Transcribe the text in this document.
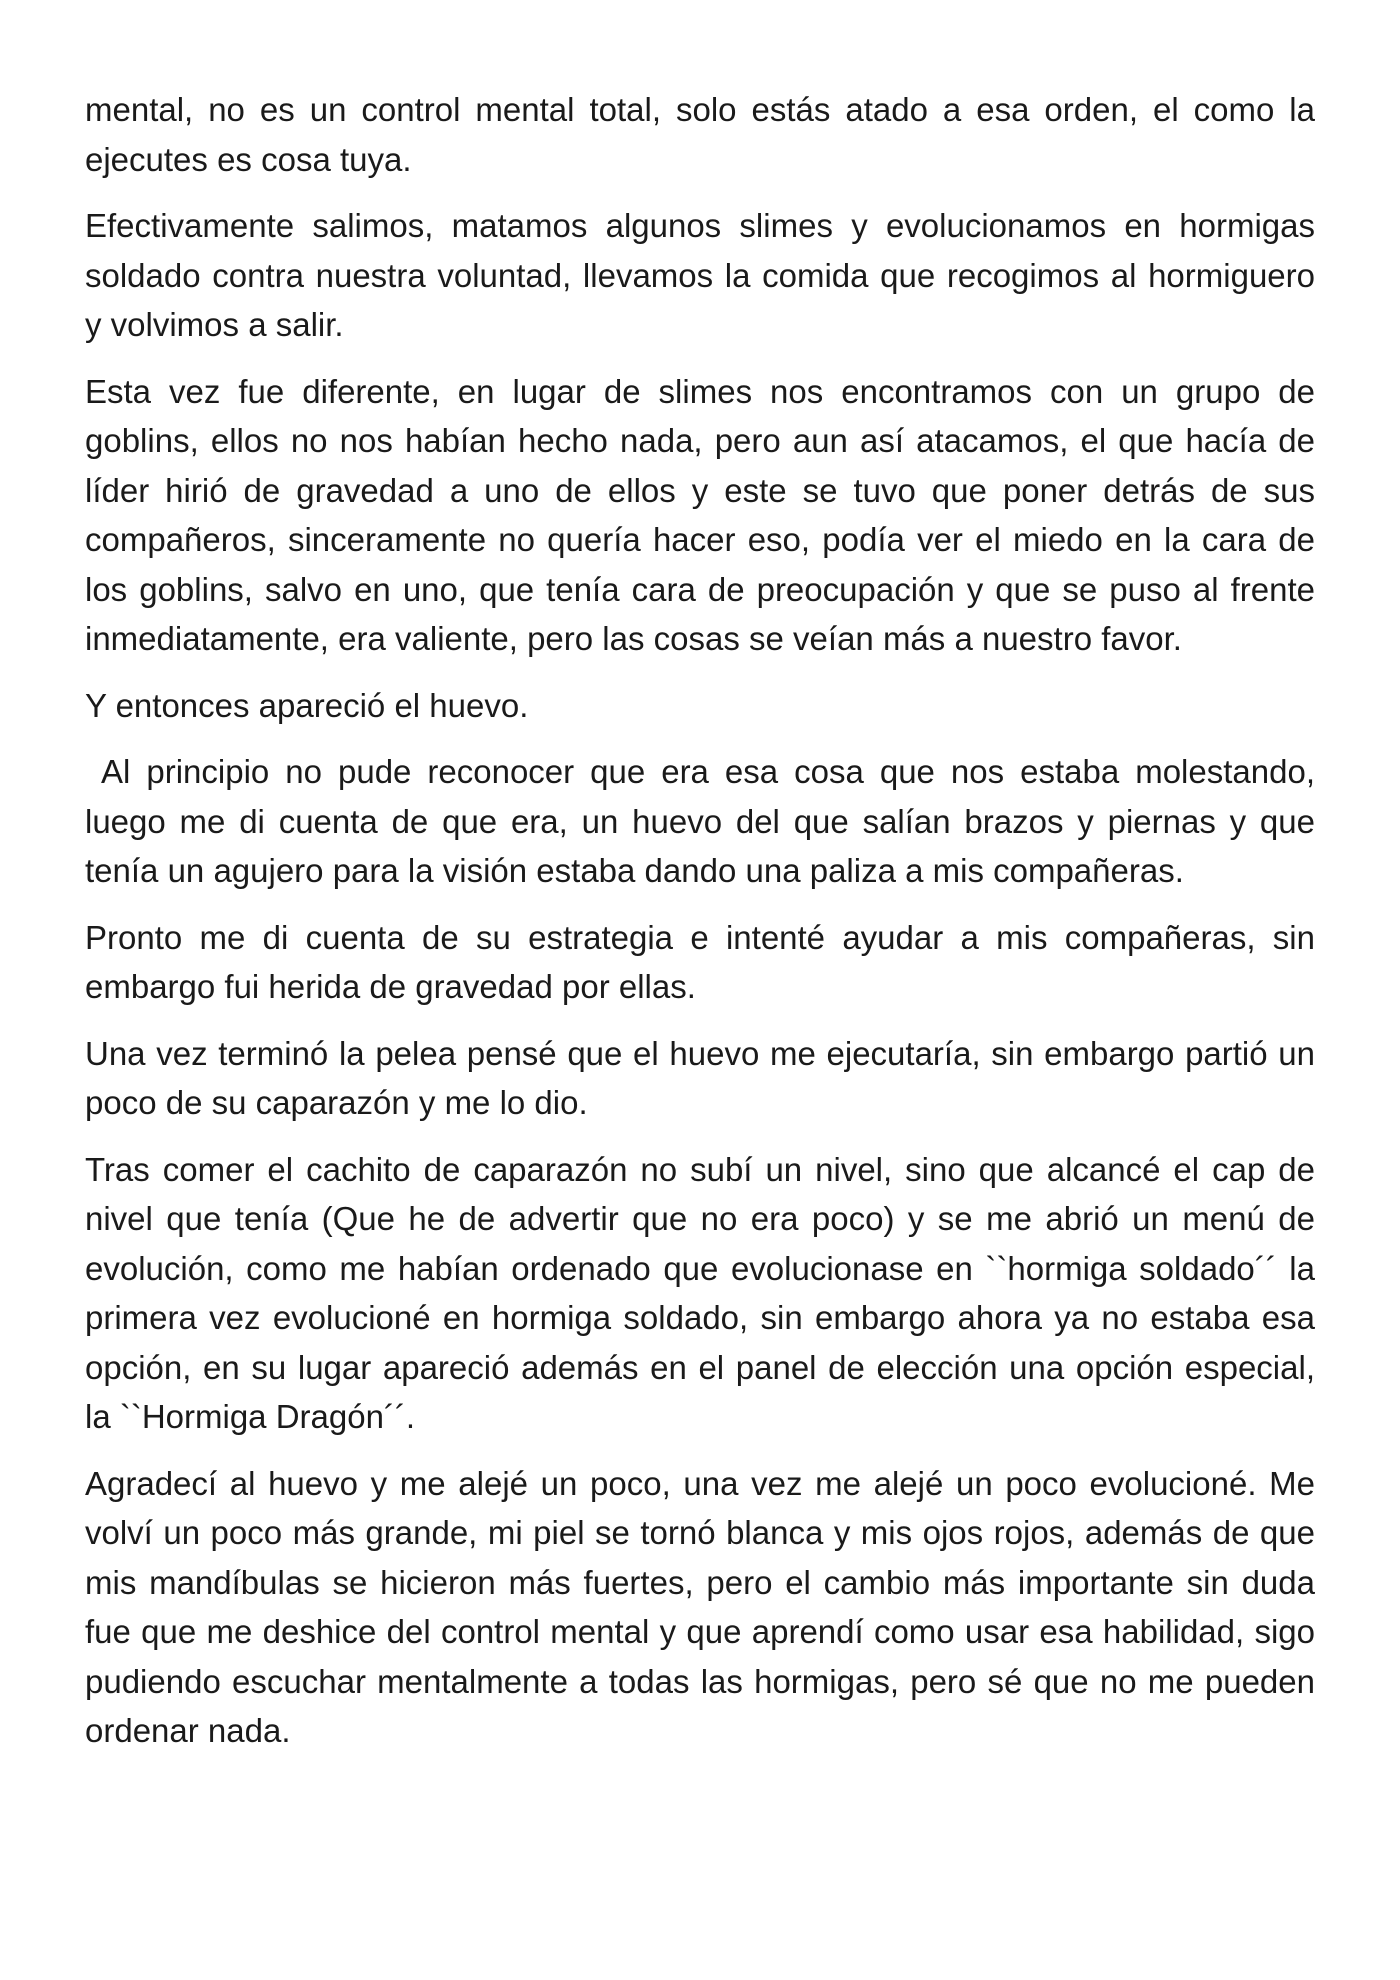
mental, no es un control mental total, solo estás atado a esa orden, el como la ejecutes es cosa tuya.

Efectivamente salimos, matamos algunos slimes y evolucionamos en hormigas soldado contra nuestra voluntad, llevamos la comida que recogimos al hormiguero y volvimos a salir.

Esta vez fue diferente, en lugar de slimes nos encontramos con un grupo de goblins, ellos no nos habían hecho nada, pero aun así atacamos, el que hacía de líder hirió de gravedad a uno de ellos y este se tuvo que poner detrás de sus compañeros, sinceramente no quería hacer eso, podía ver el miedo en la cara de los goblins, salvo en uno, que tenía cara de preocupación y que se puso al frente inmediatamente, era valiente, pero las cosas se veían más a nuestro favor.

Y entonces apareció el huevo.

Al principio no pude reconocer que era esa cosa que nos estaba molestando, luego me di cuenta de que era, un huevo del que salían brazos y piernas y que tenía un agujero para la visión estaba dando una paliza a mis compañeras.

Pronto me di cuenta de su estrategia e intenté ayudar a mis compañeras, sin embargo fui herida de gravedad por ellas.

Una vez terminó la pelea pensé que el huevo me ejecutaría, sin embargo partió un poco de su caparazón y me lo dio.

Tras comer el cachito de caparazón no subí un nivel, sino que alcancé el cap de nivel que tenía (Que he de advertir que no era poco) y se me abrió un menú de evolución, como me habían ordenado que evolucionase en ``hormiga soldado´´ la primera vez evolucioné en hormiga soldado, sin embargo ahora ya no estaba esa opción, en su lugar apareció además en el panel de elección una opción especial, la ``Hormiga Dragón´´.

Agradecí al huevo y me alejé un poco, una vez me alejé un poco evolucioné. Me volví un poco más grande, mi piel se tornó blanca y mis ojos rojos, además de que mis mandíbulas se hicieron más fuertes, pero el cambio más importante sin duda fue que me deshice del control mental y que aprendí como usar esa habilidad, sigo pudiendo escuchar mentalmente a todas las hormigas, pero sé que no me pueden ordenar nada.
